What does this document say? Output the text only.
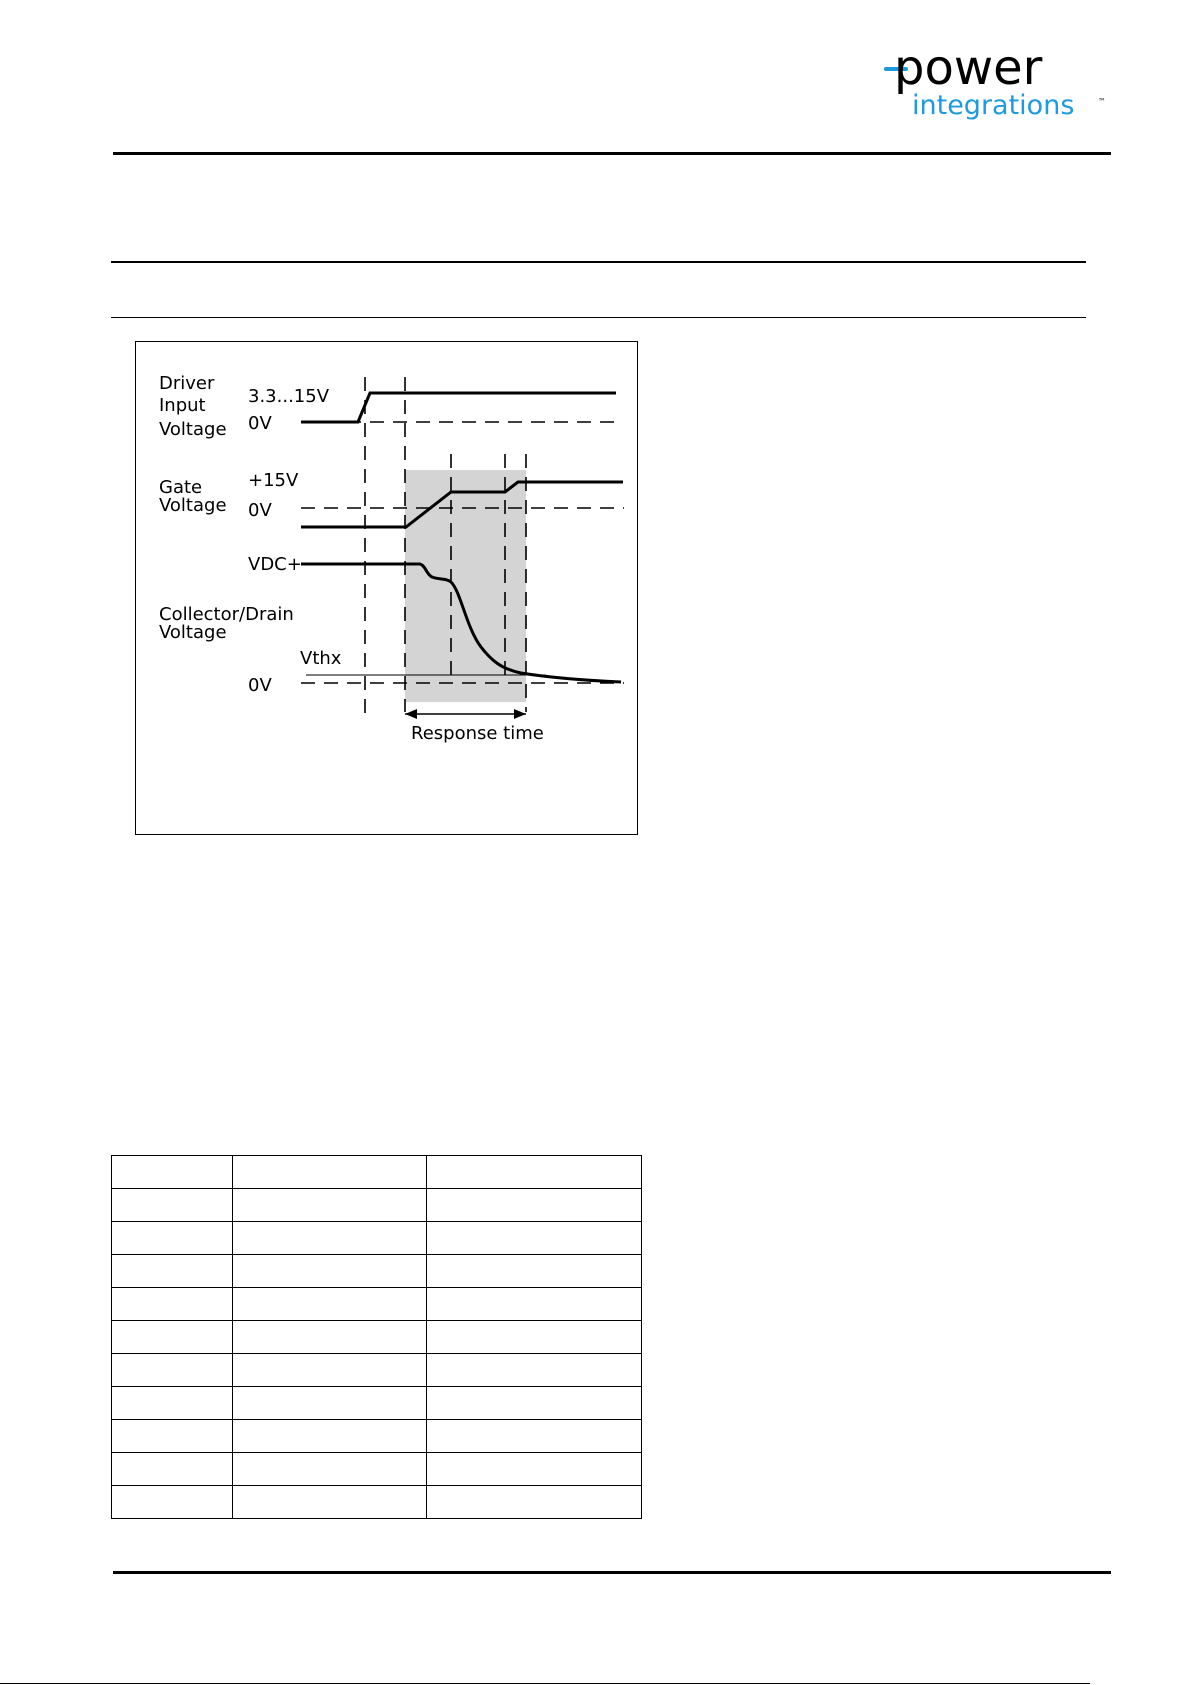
power
integrations	™
Driver
Input
Voltage
Gate
Voltage
Collector/Drain
Voltage
3.3...15V
0V
+15V
0V
VDC+
Vthx
0V
Response time
